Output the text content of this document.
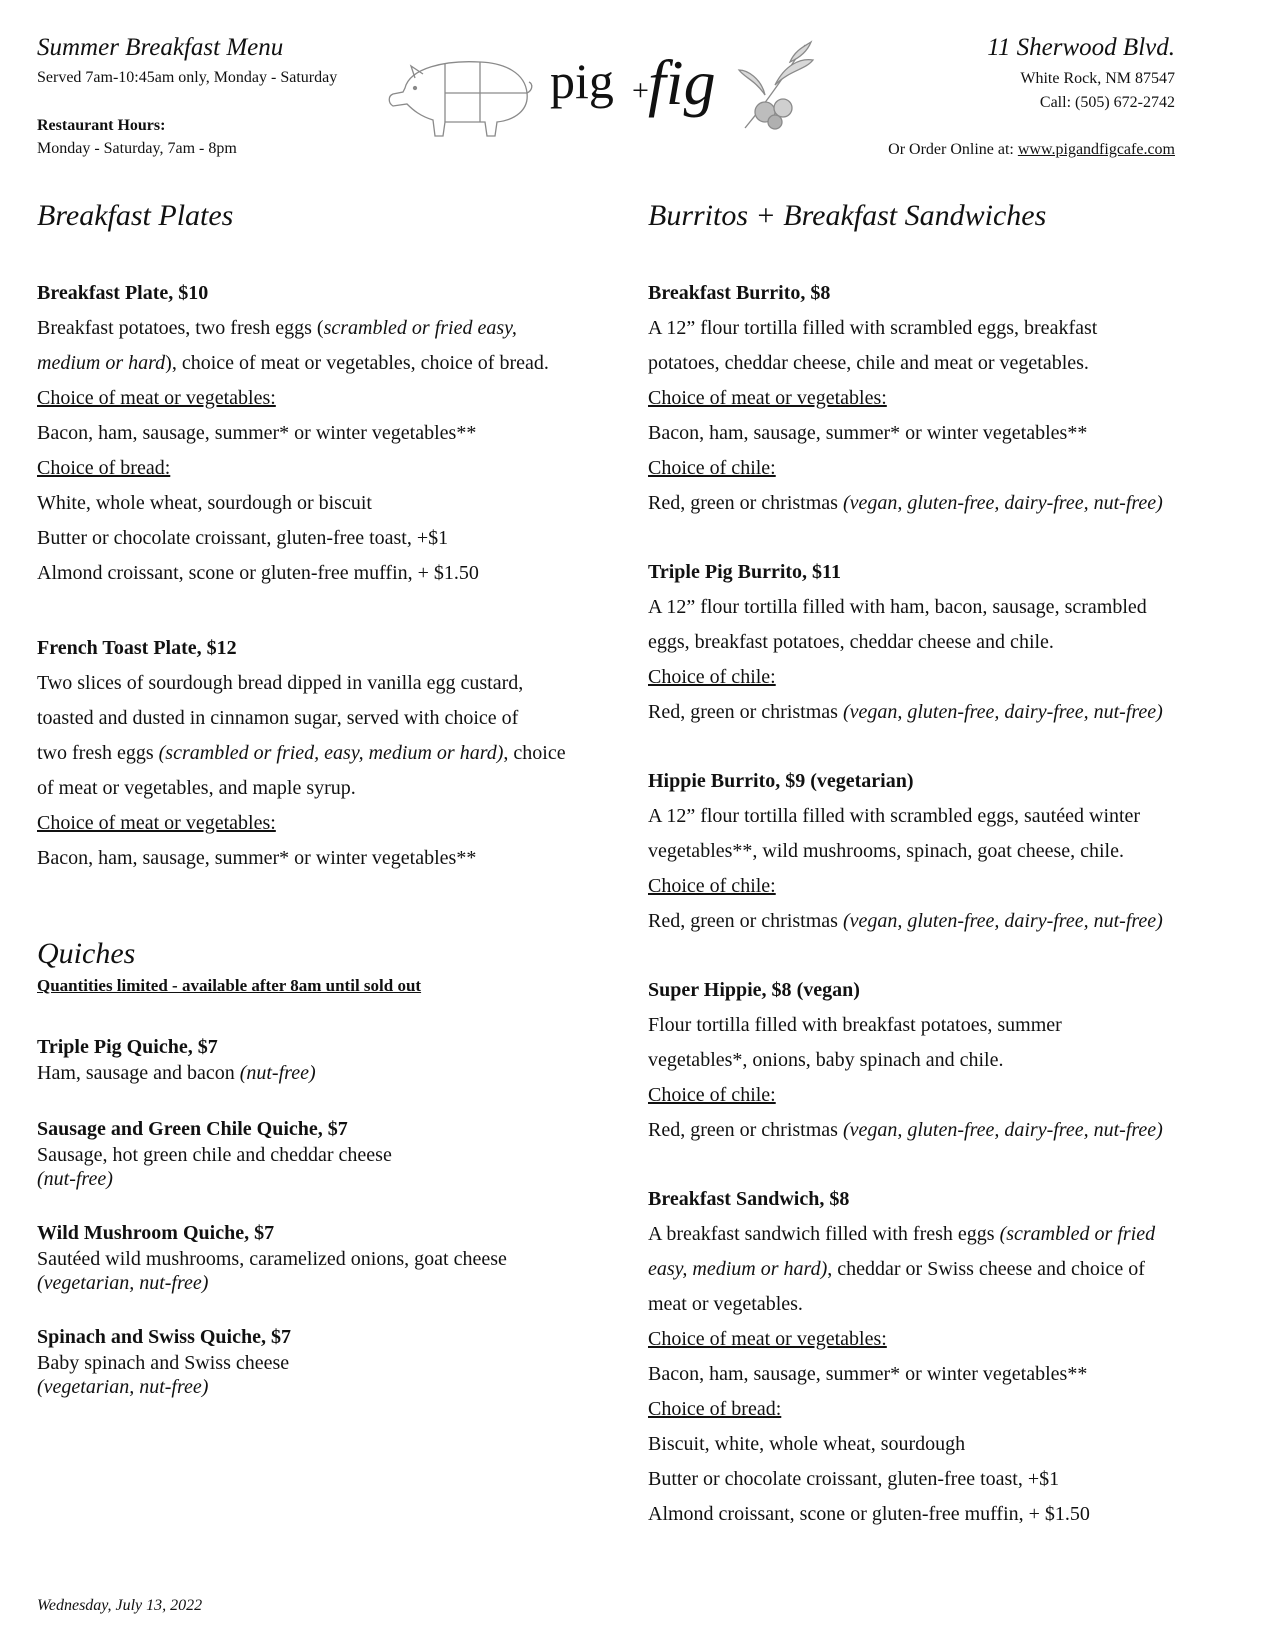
Summer Breakfast Menu
Served 7am-10:45am only, Monday - Saturday
Restaurant Hours:
Monday - Saturday, 7am - 8pm
pig + fig	11 Sherwood Blvd.
White Rock, NM 87547
Call: (505) 672-2742
Or Order Online at: www.pigandfigcafe.com
Breakfast Plates
Breakfast Plate, $10
Breakfast potatoes, two fresh eggs (scrambled or fried easy,
medium or hard), choice of meat or vegetables, choice of bread.
Choice of meat or vegetables:
Bacon, ham, sausage, summer* or winter vegetables**
Choice of bread:
White, whole wheat, sourdough or biscuit
Butter or chocolate croissant, gluten-free toast, +$1
Almond croissant, scone or gluten-free muffin, + $1.50
French Toast Plate, $12
Two slices of sourdough bread dipped in vanilla egg custard,
toasted and dusted in cinnamon sugar, served with choice of
two fresh eggs (scrambled or fried, easy, medium or hard), choice
of meat or vegetables, and maple syrup.
Choice of meat or vegetables:
Bacon, ham, sausage, summer* or winter vegetables**
Quiches
Quantities limited - available after 8am until sold out
Triple Pig Quiche, $7
Ham, sausage and bacon (nut-free)
Sausage and Green Chile Quiche, $7
Sausage, hot green chile and cheddar cheese
(nut-free)
Wild Mushroom Quiche, $7
Sautéed wild mushrooms, caramelized onions, goat cheese
(vegetarian, nut-free)
Spinach and Swiss Quiche, $7
Baby spinach and Swiss cheese
(vegetarian, nut-free)
Burritos + Breakfast Sandwiches
Breakfast Burrito, $8
A 12” flour tortilla filled with scrambled eggs, breakfast
potatoes, cheddar cheese, chile and meat or vegetables.
Choice of meat or vegetables:
Bacon, ham, sausage, summer* or winter vegetables**
Choice of chile:
Red, green or christmas (vegan, gluten-free, dairy-free, nut-free)
Triple Pig Burrito, $11
A 12” flour tortilla filled with ham, bacon, sausage, scrambled
eggs, breakfast potatoes, cheddar cheese and chile.
Choice of chile:
Red, green or christmas (vegan, gluten-free, dairy-free, nut-free)
Hippie Burrito, $9 (vegetarian)
A 12” flour tortilla filled with scrambled eggs, sautéed winter
vegetables**, wild mushrooms, spinach, goat cheese, chile.
Choice of chile:
Red, green or christmas (vegan, gluten-free, dairy-free, nut-free)
Super Hippie, $8 (vegan)
Flour tortilla filled with breakfast potatoes, summer
vegetables*, onions, baby spinach and chile.
Choice of chile:
Red, green or christmas (vegan, gluten-free, dairy-free, nut-free)
Breakfast Sandwich, $8
A breakfast sandwich filled with fresh eggs (scrambled or fried
easy, medium or hard), cheddar or Swiss cheese and choice of
meat or vegetables.
Choice of meat or vegetables:
Bacon, ham, sausage, summer* or winter vegetables**
Choice of bread:
Biscuit, white, whole wheat, sourdough
Butter or chocolate croissant, gluten-free toast, +$1
Almond croissant, scone or gluten-free muffin, + $1.50
Wednesday, July 13, 2022
